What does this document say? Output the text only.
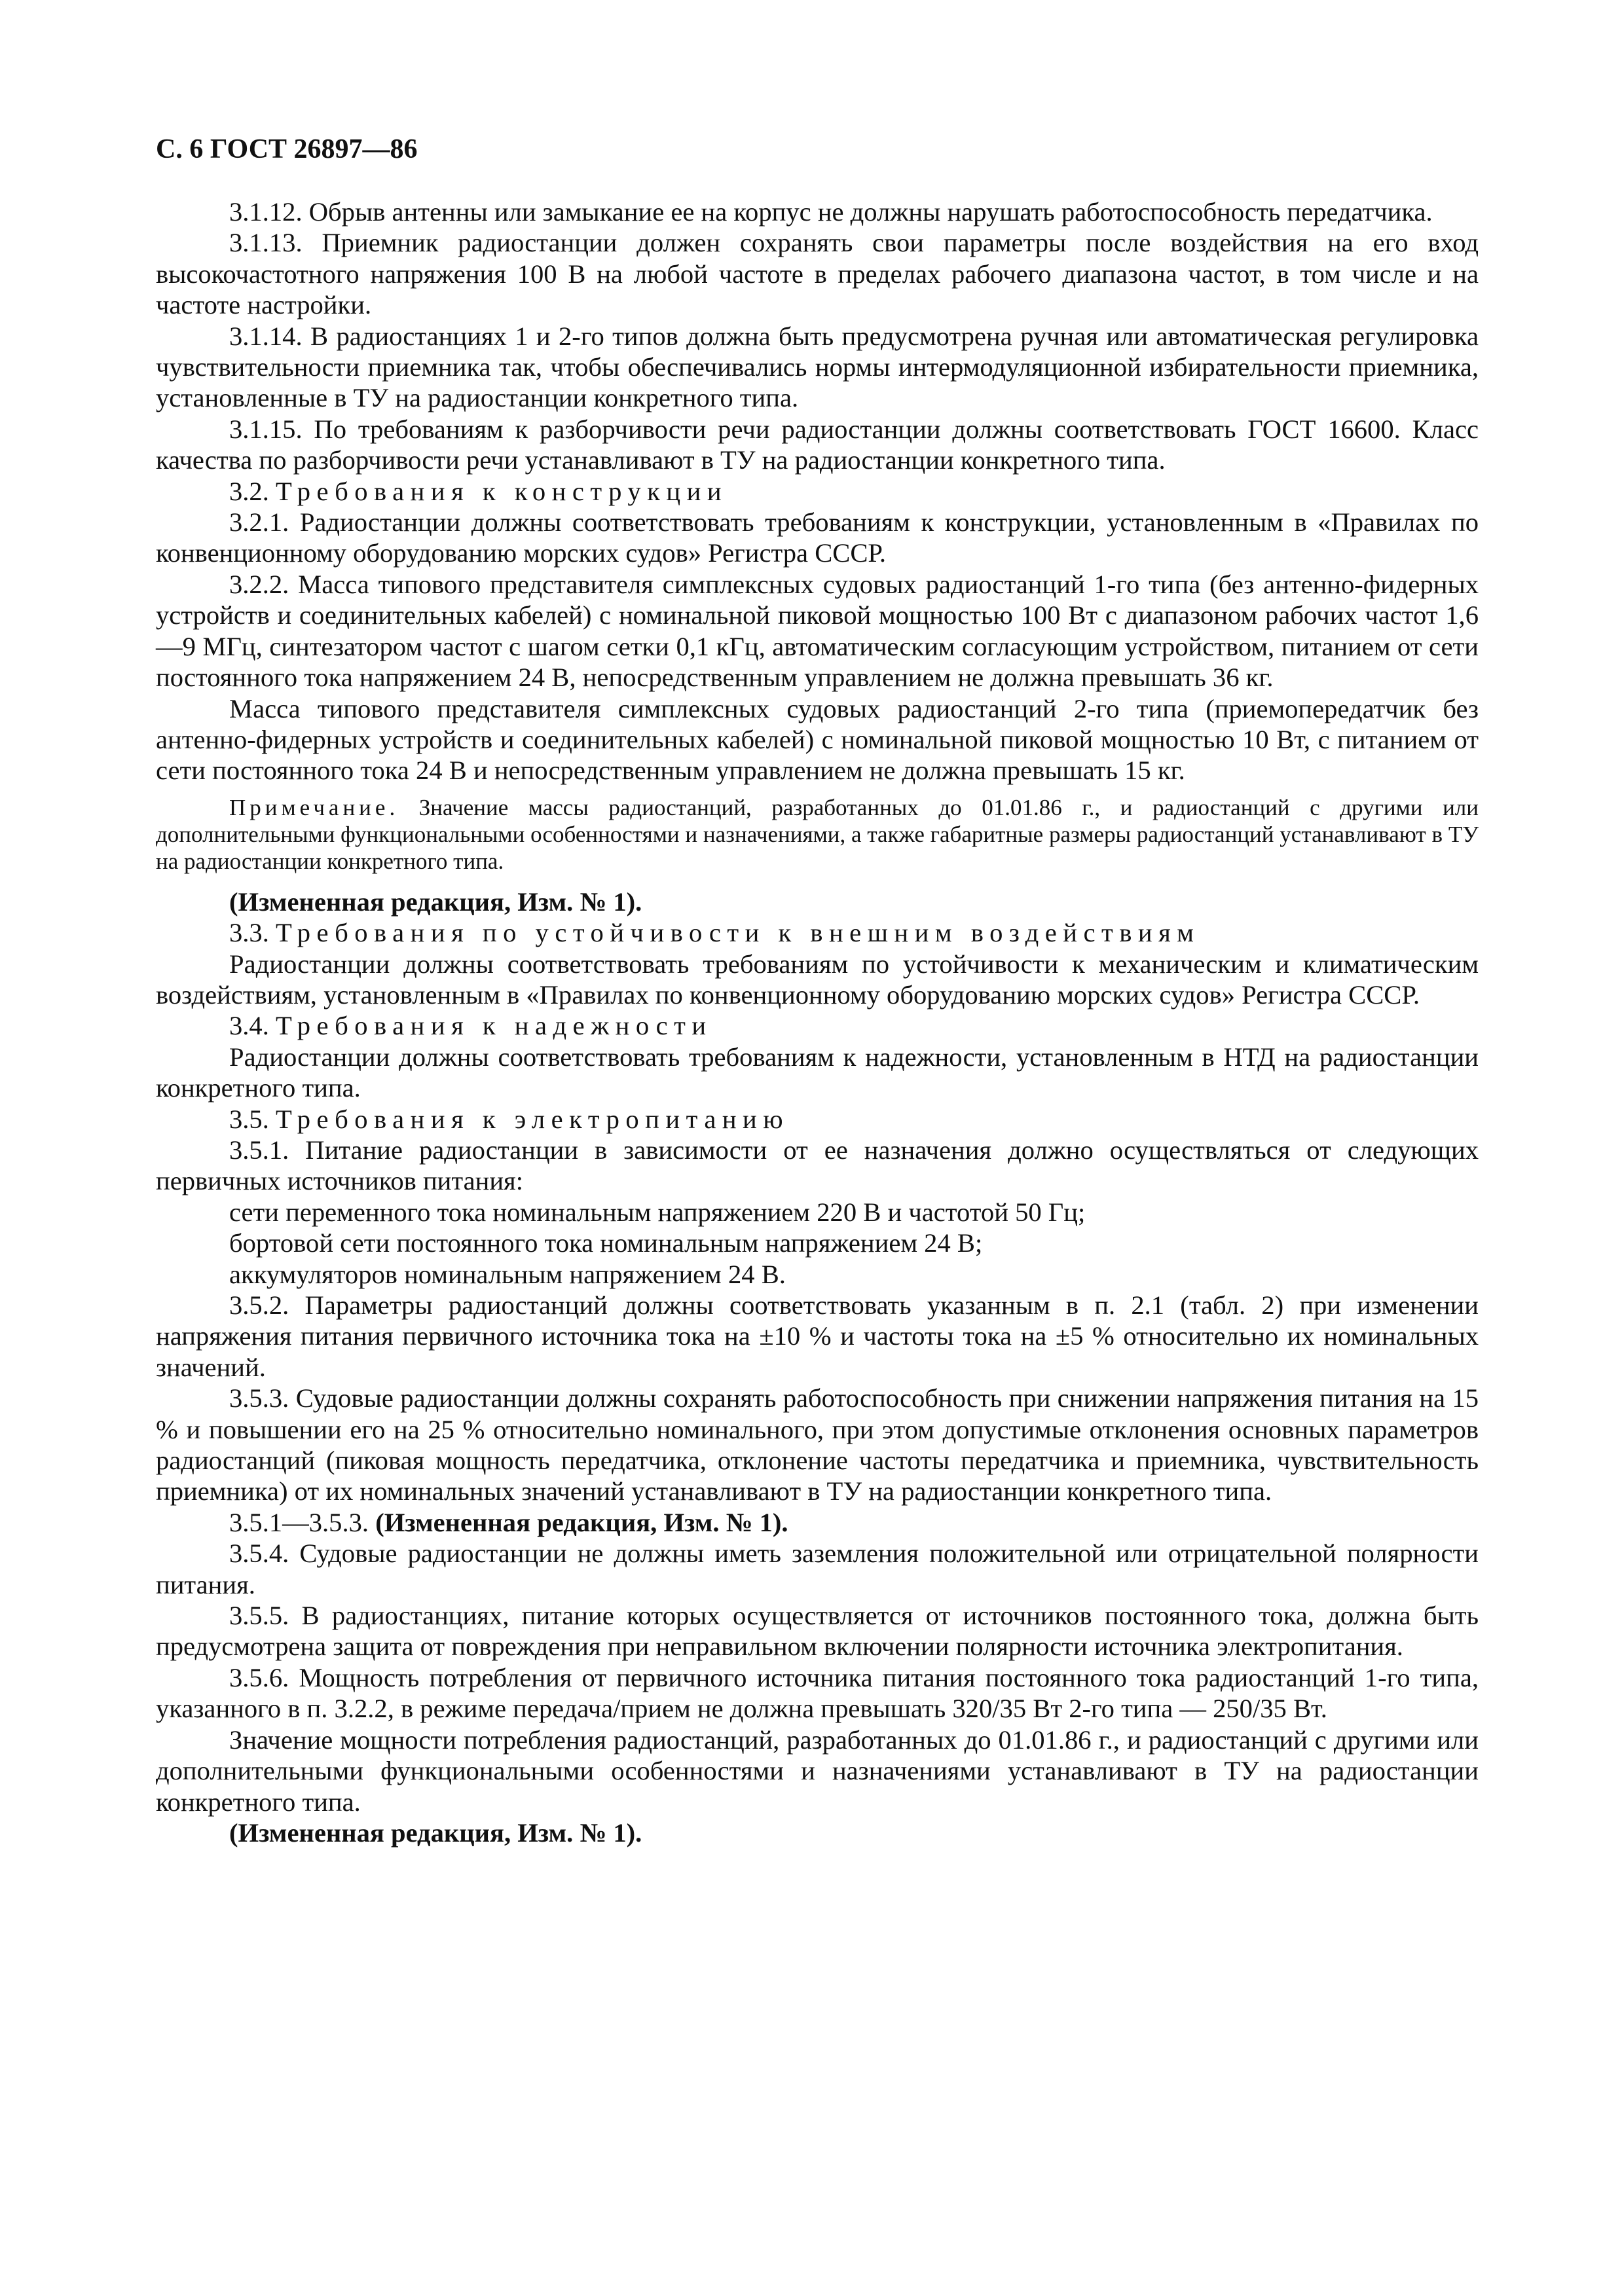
С. 6 ГОСТ 26897—86

3.1.12. Обрыв антенны или замыкание ее на корпус не должны нарушать работоспособность передатчика.

3.1.13. Приемник радиостанции должен сохранять свои параметры после воздействия на его вход высокочастотного напряжения 100 В на любой частоте в пределах рабочего диапазона частот, в том числе и на частоте настройки.

3.1.14. В радиостанциях 1 и 2-го типов должна быть предусмотрена ручная или автоматическая регулировка чувствительности приемника так, чтобы обеспечивались нормы интермодуляционной избирательности приемника, установленные в ТУ на радиостанции конкретного типа.

3.1.15. По требованиям к разборчивости речи радиостанции должны соответствовать ГОСТ 16600. Класс качества по разборчивости речи устанавливают в ТУ на радиостанции конкретного типа.

3.2. Требования к конструкции

3.2.1. Радиостанции должны соответствовать требованиям к конструкции, установленным в «Правилах по конвенционному оборудованию морских судов» Регистра СССР.

3.2.2. Масса типового представителя симплексных судовых радиостанций 1-го типа (без антенно-фидерных устройств и соединительных кабелей) с номинальной пиковой мощностью 100 Вт с диапазоном рабочих частот 1,6—9 МГц, синтезатором частот с шагом сетки 0,1 кГц, автоматическим согласующим устройством, питанием от сети постоянного тока напряжением 24 В, непосредственным управлением не должна превышать 36 кг.

Масса типового представителя симплексных судовых радиостанций 2-го типа (приемопередатчик без антенно-фидерных устройств и соединительных кабелей) с номинальной пиковой мощностью 10 Вт, с питанием от сети постоянного тока 24 В и непосредственным управлением не должна превышать 15 кг.

Примечание. Значение массы радиостанций, разработанных до 01.01.86 г., и радиостанций с другими или дополнительными функциональными особенностями и назначениями, а также габаритные размеры радиостанций устанавливают в ТУ на радиостанции конкретного типа.

(Измененная редакция, Изм. № 1).

3.3. Требования по устойчивости к внешним воздействиям

Радиостанции должны соответствовать требованиям по устойчивости к механическим и климатическим воздействиям, установленным в «Правилах по конвенционному оборудованию морских судов» Регистра СССР.

3.4. Требования к надежности

Радиостанции должны соответствовать требованиям к надежности, установленным в НТД на радиостанции конкретного типа.

3.5. Требования к электропитанию

3.5.1. Питание радиостанции в зависимости от ее назначения должно осуществляться от следующих первичных источников питания:

сети переменного тока номинальным напряжением 220 В и частотой 50 Гц;

бортовой сети постоянного тока номинальным напряжением 24 В;

аккумуляторов номинальным напряжением 24 В.

3.5.2. Параметры радиостанций должны соответствовать указанным в п. 2.1 (табл. 2) при изменении напряжения питания первичного источника тока на ±10 % и частоты тока на ±5 % относительно их номинальных значений.

3.5.3. Судовые радиостанции должны сохранять работоспособность при снижении напряжения питания на 15 % и повышении его на 25 % относительно номинального, при этом допустимые отклонения основных параметров радиостанций (пиковая мощность передатчика, отклонение частоты передатчика и приемника, чувствительность приемника) от их номинальных значений устанавливают в ТУ на радиостанции конкретного типа.

3.5.1—3.5.3. (Измененная редакция, Изм. № 1).

3.5.4. Судовые радиостанции не должны иметь заземления положительной или отрицательной полярности питания.

3.5.5. В радиостанциях, питание которых осуществляется от источников постоянного тока, должна быть предусмотрена защита от повреждения при неправильном включении полярности источника электропитания.

3.5.6. Мощность потребления от первичного источника питания постоянного тока радиостанций 1-го типа, указанного в п. 3.2.2, в режиме передача/прием не должна превышать 320/35 Вт 2-го типа — 250/35 Вт.

Значение мощности потребления радиостанций, разработанных до 01.01.86 г., и радиостанций с другими или дополнительными функциональными особенностями и назначениями устанавливают в ТУ на радиостанции конкретного типа.

(Измененная редакция, Изм. № 1).
